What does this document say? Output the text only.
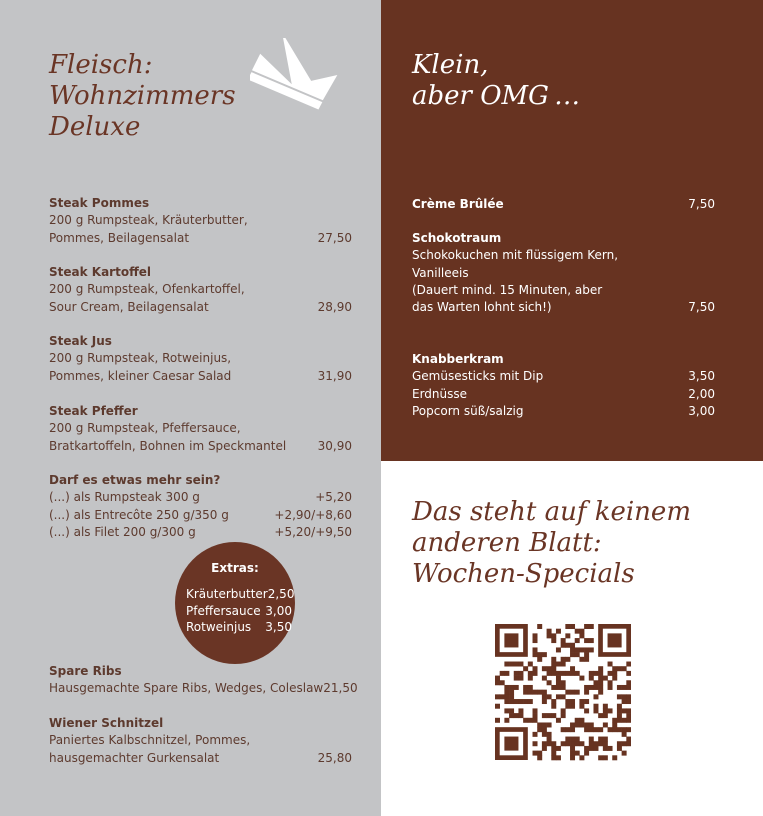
Fleisch:
Wohnzimmers
Deluxe
Steak Pommes
200 g Rumpsteak, Kräuterbutter,
Pommes, Beilagensalat	27,50
Steak Kartoffel
200 g Rumpsteak, Ofenkartoffel,
Sour Cream, Beilagensalat	28,90
Steak Jus
200 g Rumpsteak, Rotweinjus,
Pommes, kleiner Caesar Salad	31,90
Steak Pfeffer
200 g Rumpsteak, Pfeffersauce,
Bratkartoffeln, Bohnen im Speckmantel	30,90
Darf es etwas mehr sein?
(...) als Rumpsteak 300 g	+5,20
(...) als Entrecôte 250 g/350 g	+2,90/+8,60
(...) als Filet 200 g/300 g	+5,20/+9,50
Extras:
Kräuterbutter 2,50
Pfeffersauce 3,00
Rotweinjus 3,50
Spare Ribs
Hausgemachte Spare Ribs, Wedges, Coleslaw 21,50
Wiener Schnitzel
Paniertes Kalbschnitzel, Pommes,
hausgemachter Gurkensalat	25,80
Klein,
aber OMG …
Crème Brûlée	7,50
Schokotraum
Schokokuchen mit flüssigem Kern,
Vanilleeis
(Dauert mind. 15 Minuten, aber
das Warten lohnt sich!)	7,50
Knabberkram
Gemüsesticks mit Dip	3,50
Erdnüsse	2,00
Popcorn süß/salzig	3,00
Das steht auf keinem
anderen Blatt:
Wochen-Specials
